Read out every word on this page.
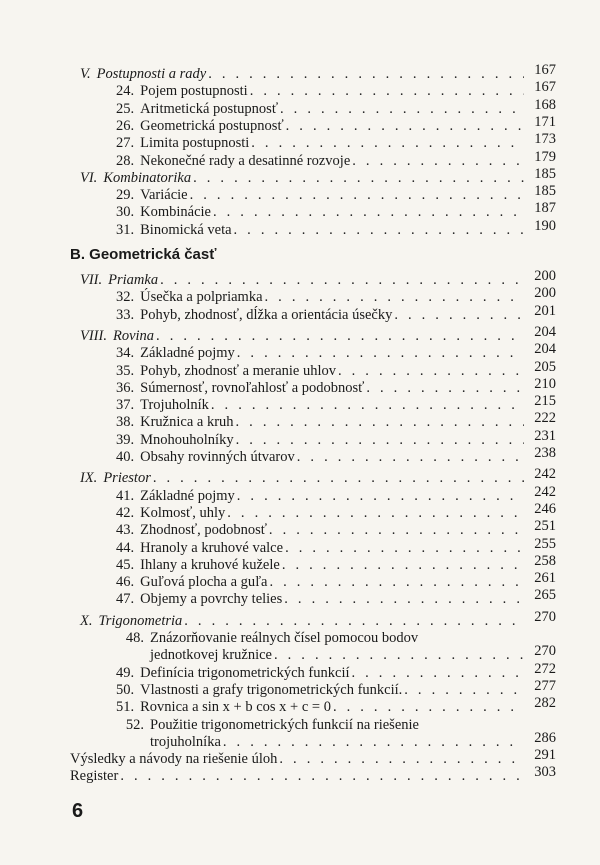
B. Geometrická časť
6
V. Postupnosti a rady . . .	167
24. Pojem postupnosti . . .	167
25. Aritmetická postupnosť . . .	168
26. Geometrická postupnosť . . .	171
27. Limita postupnosti . . .	173
28. Nekonečné rady a desatinné rozvoje . . .	179
VI. Kombinatorika . . .	185
29. Variácie . . .	185
30. Kombinácie . . .	187
31. Binomická veta . . .	190
VII. Priamka . . .	200
32. Úsečka a polpriamka . . .	200
33. Pohyb, zhodnosť, dĺžka a orientácia úsečky . . .	201
VIII. Rovina . . .	204
34. Základné pojmy . . .	204
35. Pohyb, zhodnosť a meranie uhlov . . .	205
36. Súmernosť, rovnoľahlosť a podobnosť . . .	210
37. Trojuholník . . .	215
38. Kružnica a kruh . . .	222
39. Mnohouholníky . . .	231
40. Obsahy rovinných útvarov . . .	238
IX. Priestor . . .	242
41. Základné pojmy . . .	242
42. Kolmosť, uhly . . .	246
43. Zhodnosť, podobnosť . . .	251
44. Hranoly a kruhové valce . . .	255
45. Ihlany a kruhové kužele . . .	258
46. Guľová plocha a guľa . . .	261
47. Objemy a povrchy telies . . .	265
X. Trigonometria . . .	270
48. Znázorňovanie reálnych čísel pomocou bodov
jednotkovej kružnice . . .	270
49. Definícia trigonometrických funkcií . . .	272
50. Vlastnosti a grafy trigonometrických funkcií. . . .	277
51. Rovnica a sin x + b cos x + c = 0 . . .	282
52. Použitie trigonometrických funkcií na riešenie
trojuholníka . . .	286
Výsledky a návody na riešenie úloh . . .	291
Register . . .	303
